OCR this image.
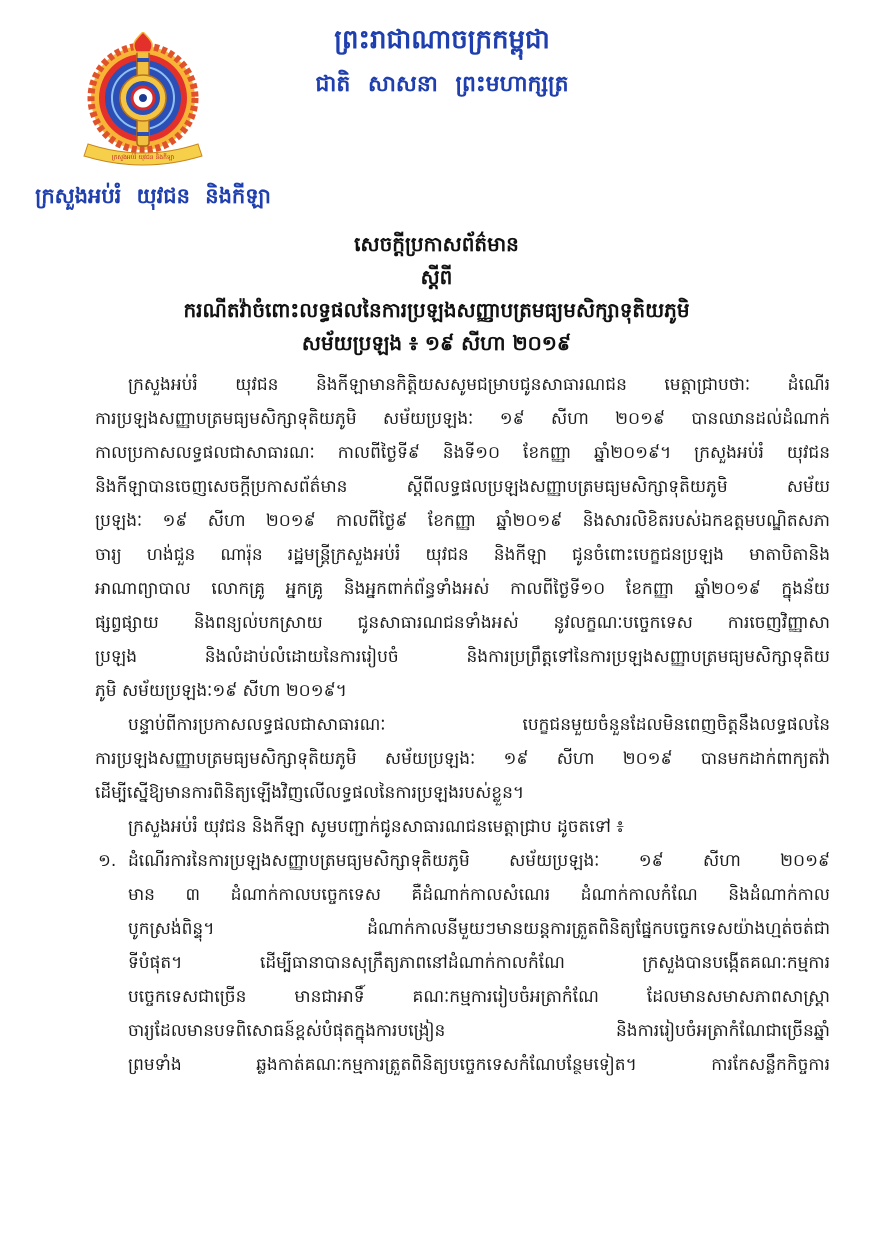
ព្រះរាជាណាចក្រកម្ពុជា
ជាតិ សាសនា ព្រះមហាក្សត្រ
ក្រសួងអប់រំ យុវជន និងកីឡា
ក្រសួងអប់រំ យុវជន និងកីឡា
សេចក្តីប្រកាសព័ត៌មាន
ស្តីពី
ករណីតវ៉ាចំពោះលទ្ធផលនៃការប្រឡងសញ្ញាបត្រមធ្យមសិក្សាទុតិយភូមិ
សម័យប្រឡង ៖ ១៩ សីហា ២០១៩
ក្រសួងអប់រំ យុវជន និងកីឡាមានកិត្តិយសសូមជម្រាបជូនសាធារណជន មេត្តាជ្រាបថាៈ ដំណើរ
ការប្រឡងសញ្ញាបត្រមធ្យមសិក្សាទុតិយភូមិ សម័យប្រឡងៈ ១៩ សីហា ២០១៩ បានឈានដល់ដំណាក់
កាលប្រកាសលទ្ធផលជាសាធារណៈ កាលពីថ្ងៃទី៩ និងទី១០ ខែកញ្ញា ឆ្នាំ២០១៩។ ក្រសួងអប់រំ យុវជន
និងកីឡាបានចេញសេចក្តីប្រកាសព័ត៌មាន ស្តីពីលទ្ធផលប្រឡងសញ្ញាបត្រមធ្យមសិក្សាទុតិយភូមិ សម័យ
ប្រឡងៈ ១៩ សីហា ២០១៩ កាលពីថ្ងៃ៩ ខែកញ្ញា ឆ្នាំ២០១៩ និងសារលិខិតរបស់ឯកឧត្តមបណ្ឌិតសភា
ចារ្យ ហង់ជួន ណារ៉ុន រដ្ឋមន្ត្រីក្រសួងអប់រំ យុវជន និងកីឡា ជូនចំពោះបេក្ខជនប្រឡង មាតាបិតានិង
អាណាព្យាបាល លោកគ្រូ អ្នកគ្រូ និងអ្នកពាក់ព័ន្ធទាំងអស់ កាលពីថ្ងៃទី១០ ខែកញ្ញា ឆ្នាំ២០១៩ ក្នុងន័យ
ផ្សព្វផ្សាយ និងពន្យល់បកស្រាយ ជូនសាធារណជនទាំងអស់ នូវលក្ខណៈបច្ចេកទេស ការចេញវិញ្ញាសា
ប្រឡង និងលំដាប់លំដោយនៃការរៀបចំ និងការប្រព្រឹត្តទៅនៃការប្រឡងសញ្ញាបត្រមធ្យមសិក្សាទុតិយ
ភូមិ សម័យប្រឡងៈ១៩ សីហា ២០១៩។
បន្ទាប់ពីការប្រកាសលទ្ធផលជាសាធារណៈ បេក្ខជនមួយចំនួនដែលមិនពេញចិត្តនឹងលទ្ធផលនៃ
ការប្រឡងសញ្ញាបត្រមធ្យមសិក្សាទុតិយភូមិ សម័យប្រឡងៈ ១៩ សីហា ២០១៩ បានមកដាក់ពាក្យតវ៉ា
ដើម្បីស្នើឱ្យមានការពិនិត្យឡើងវិញលើលទ្ធផលនៃការប្រឡងរបស់ខ្លួន។
ក្រសួងអប់រំ យុវជន និងកីឡា សូមបញ្ជាក់ជូនសាធារណជនមេត្តាជ្រាប ដូចតទៅ ៖
១. ដំណើរការនៃការប្រឡងសញ្ញាបត្រមធ្យមសិក្សាទុតិយភូមិ សម័យប្រឡងៈ ១៩ សីហា ២០១៩
មាន ៣ ដំណាក់កាលបច្ចេកទេស គឺដំណាក់កាលសំណេរ ដំណាក់កាលកំណែ និងដំណាក់កាល
បូកស្រង់ពិន្ទុ។ ដំណាក់កាលនីមួយៗមានយន្តការត្រួតពិនិត្យផ្នែកបច្ចេកទេសយ៉ាងហ្មត់ចត់ជា
ទីបំផុត។ ដើម្បីធានាបានសុក្រឹត្យភាពនៅដំណាក់កាលកំណែ ក្រសួងបានបង្កើតគណៈកម្មការ
បច្ចេកទេសជាច្រើន មានជាអាទិ៍ គណៈកម្មការរៀបចំអត្រាកំណែ ដែលមានសមាសភាពសាស្ត្រា
ចារ្យដែលមានបទពិសោធន៍ខ្ពស់បំផុតក្នុងការបង្រៀន និងការរៀបចំអត្រាកំណែជាច្រើនឆ្នាំ
ព្រមទាំង ឆ្លងកាត់គណៈកម្មការត្រួតពិនិត្យបច្ចេកទេសកំណែបន្ថែមទៀត។ ការកែសន្លឹកកិច្ចការ
